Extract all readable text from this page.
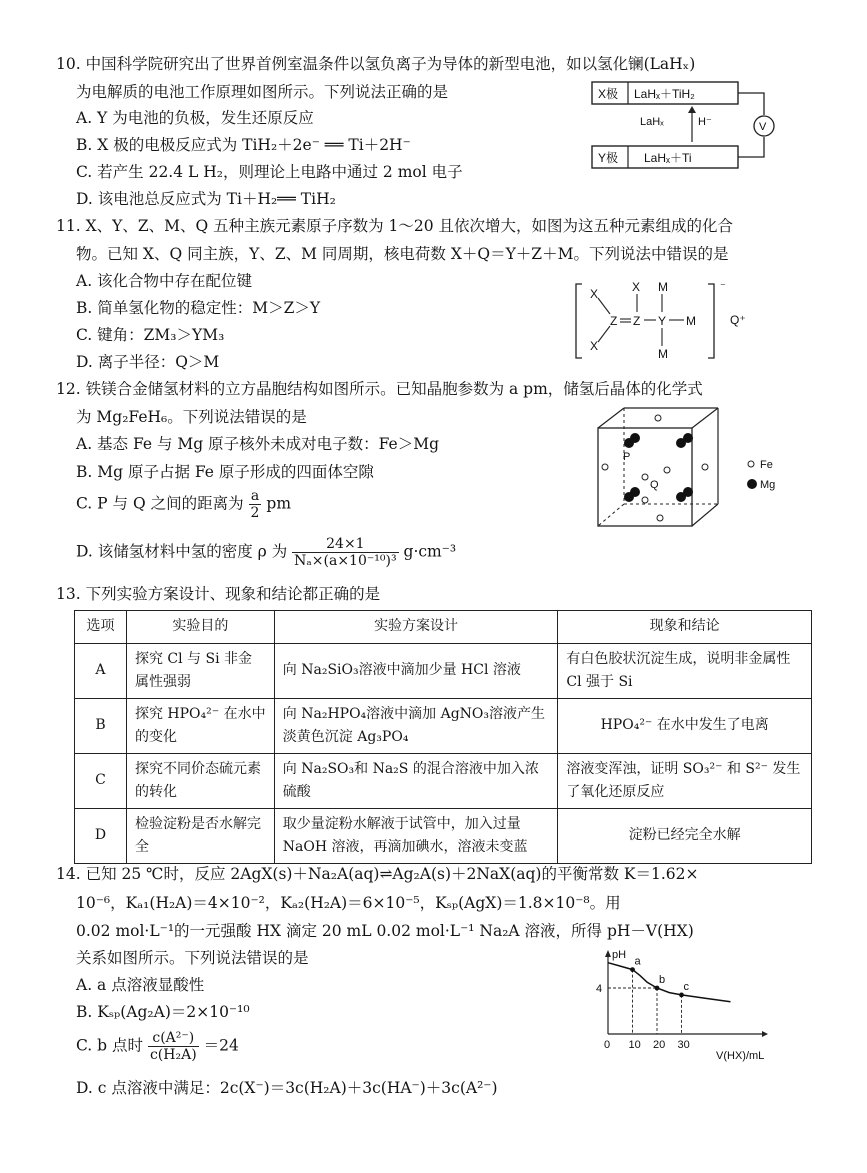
10. 中国科学院研究出了世界首例室温条件以氢负离子为导体的新型电池，如以氢化镧(LaHₓ)
为电解质的电池工作原理如图所示。下列说法正确的是
A. Y 为电池的负极，发生还原反应
B. X 极的电极反应式为 TiH₂＋2e⁻ ══ Ti＋2H⁻
C. 若产生 22.4 L H₂，则理论上电路中通过 2 mol 电子
D. 该电池总反应式为 Ti＋H₂══ TiH₂
X极 LaHₓ＋TiH₂
LaHₓ	H⁻
Y极 LaHₓ＋Ti
V
11. X、Y、Z、M、Q 五种主族元素原子序数为 1～20 且依次增大，如图为这五种元素组成的化合
物。已知 X、Q 同主族，Y、Z、M 同周期，核电荷数 X＋Q＝Y＋Z＋M。下列说法中错误的是
A. 该化合物中存在配位键
B. 简单氢化物的稳定性：M＞Z＞Y
C. 键角：ZM₃＞YM₃
D. 离子半径：Q＞M
⁻
Q⁺
X
X
X
Z Z Y
M
M
M
12. 铁镁合金储氢材料的立方晶胞结构如图所示。已知晶胞参数为 a pm，储氢后晶体的化学式
为 Mg₂FeH₆。下列说法错误的是
A. 基态 Fe 与 Mg 原子核外未成对电子数：Fe＞Mg
B. Mg 原子占据 Fe 原子形成的四面体空隙
C. P 与 Q 之间的距离为 $\frac{a}{2}$ pm
D. 该储氢材料中氢的密度 ρ 为 $\frac{24\times 1}{\text{Nₐ×(a×10⁻¹⁰)³}} g\cdot cm^{-3}$
P
Q
Fe
Mg
13. 下列实验方案设计、现象和结论都正确的是
选项	实验目的	实验方案设计	现象和结论
A	探究 Cl 与 Si 非金属性强弱	向 Na₂SiO₃溶液中滴加少量 HCl 溶液	有白色胶状沉淀生成，说明非金属性 Cl 强于 Si
B	探究 HPO₄²⁻ 在水中的变化	向 Na₂HPO₄溶液中滴加 AgNO₃溶液产生淡黄色沉淀 Ag₃PO₄	HPO₄²⁻ 在水中发生了电离
C	探究不同价态硫元素的转化	向 Na₂SO₃和 Na₂S 的混合溶液中加入浓硫酸	溶液变浑浊，证明 SO₃²⁻ 和 S²⁻ 发生了氧化还原反应
D	检验淀粉是否水解完全	取少量淀粉水解液于试管中，加入过量 NaOH 溶液，再滴加碘水，溶液未变蓝	淀粉已经完全水解
14. 已知 25 ℃时，反应 2AgX(s)＋Na₂A(aq)⇌Ag₂A(s)＋2NaX(aq)的平衡常数 K＝1.62×
10⁻⁶，Kₐ₁(H₂A)＝4×10⁻²，Kₐ₂(H₂A)＝6×10⁻⁵，Kₛₚ(AgX)＝1.8×10⁻⁸。用
0.02 mol·L⁻¹的一元强酸 HX 滴定 20 mL 0.02 mol·L⁻¹ Na₂A 溶液，所得 pH－V(HX)
关系如图所示。下列说法错误的是
A. a 点溶液显酸性
B. Kₛₚ(Ag₂A)＝2×10⁻¹⁰
C. b 点时 $\frac{\text{c(A²⁻)}}{\text{c(H₂A)}} =24$
D. c 点溶液中满足：2c(X⁻)＝3c(H₂A)＋3c(HA⁻)＋3c(A²⁻)
pH
V(HX)/mL
0 10 20 30
4
a
b
c
